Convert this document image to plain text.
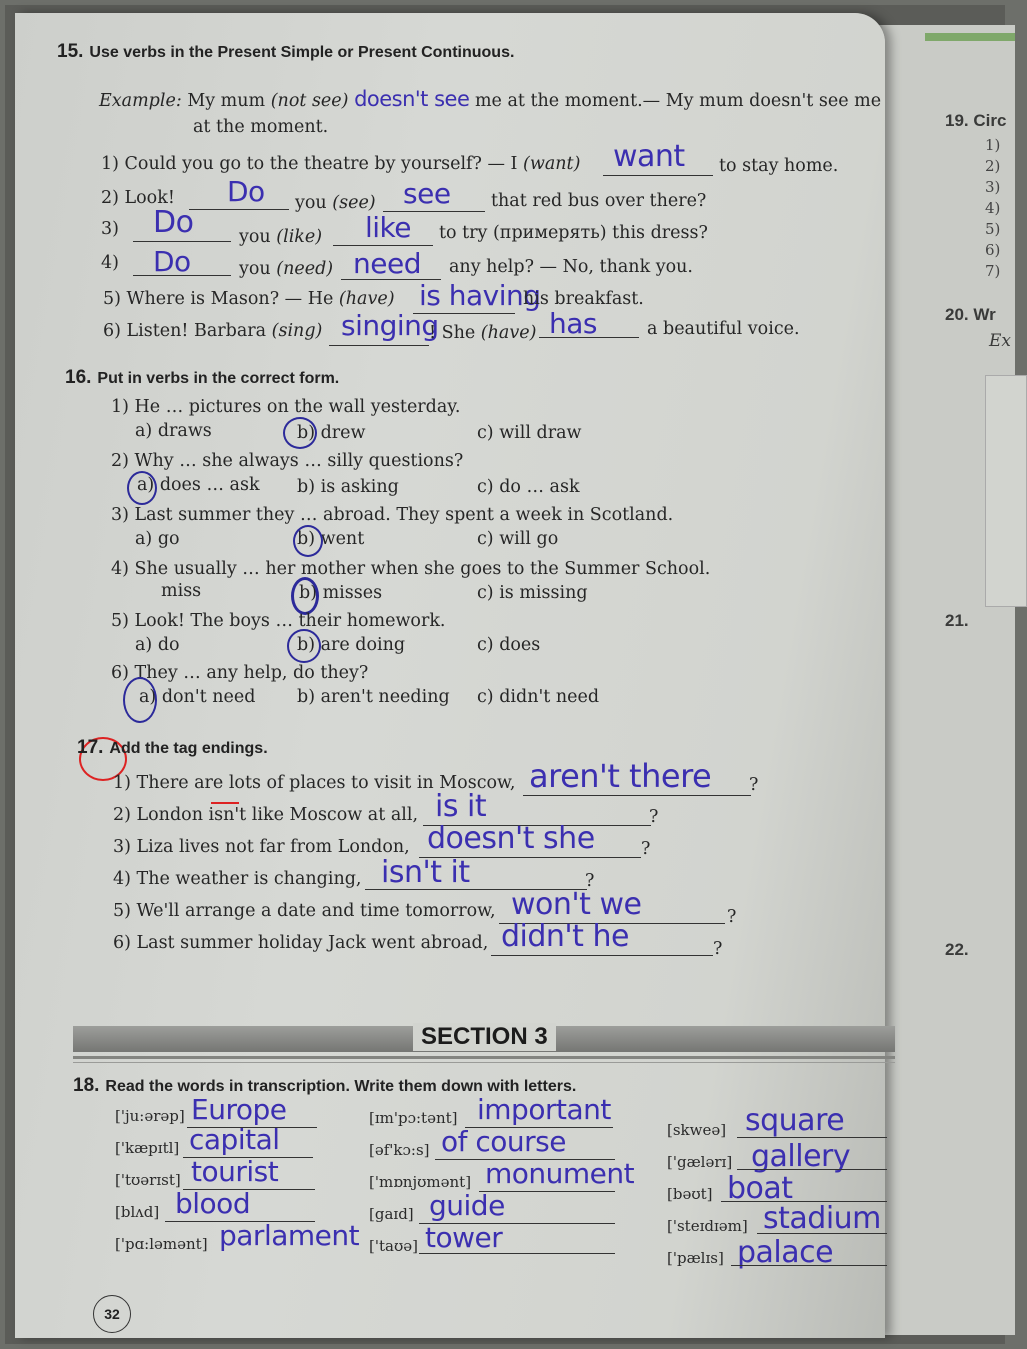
19. Circ
1)
2)
3)
4)
5)
6)
7)
20. Wr
Ex
21.
22.
15. Use verbs in the Present Simple or Present Continuous.
Example: My mum (not see) doesn't see me at the moment.— My mum doesn't see me
at the moment.
1) Could you go to the theatre by yourself? — I (want) want to stay home.
2) Look! Do you (see) see that red bus over there?
3) Do	you (like) like to try (примерять) this dress?
4) Do	you (need) need any help? — No, thank you.
5) Where is Mason? — He (have) is having
his breakfast.
6) Listen! Barbara (sing) singing
! She (have) has	a beautiful voice.
16. Put in verbs in the correct form.
1) He … pictures on the wall yesterday.
a) draws	b) drew	c) will draw
2) Why … she always … silly questions?
a) does … ask b) is asking	c) do … ask
3) Last summer they … abroad. They spent a week in Scotland.
a) go	b) went	c) will go
4) She usually … her mother when she goes to the Summer School.
miss	b) misses	c) is missing
5) Look! The boys … their homework.
a) do	b) are doing	c) does
6) They … any help, do they?
a) don't need b) aren't needing c) didn't need
17. Add the tag endings.
1) There are lots of places to visit in Moscow, aren't there ?
2) London isn't like Moscow at all, is it	?
3) Liza lives not far from London, doesn't she	?
4) The weather is changing, isn't it	?
5) We'll arrange a date and time tomorrow, won't we	?
6) Last summer holiday Jack went abroad, didn't he	?
SECTION 3
18. Read the words in transcription. Write them down with letters.
['ju:ərəp] Europe
['kæpɪtl] capital
['tʊərɪst] tourist
[blʌd] blood
['pɑ:ləmənt] parlament
[ɪm'pɔ:tənt] important
[əf'kɔ:s] of course
['mɒnjʊmənt] monument
[gaɪd] guide
['taʊə] tower
[skweə] square
['gælərɪ] gallery
[bəʊt] boat
['steɪdɪəm] stadium
['pælɪs] palace
32
